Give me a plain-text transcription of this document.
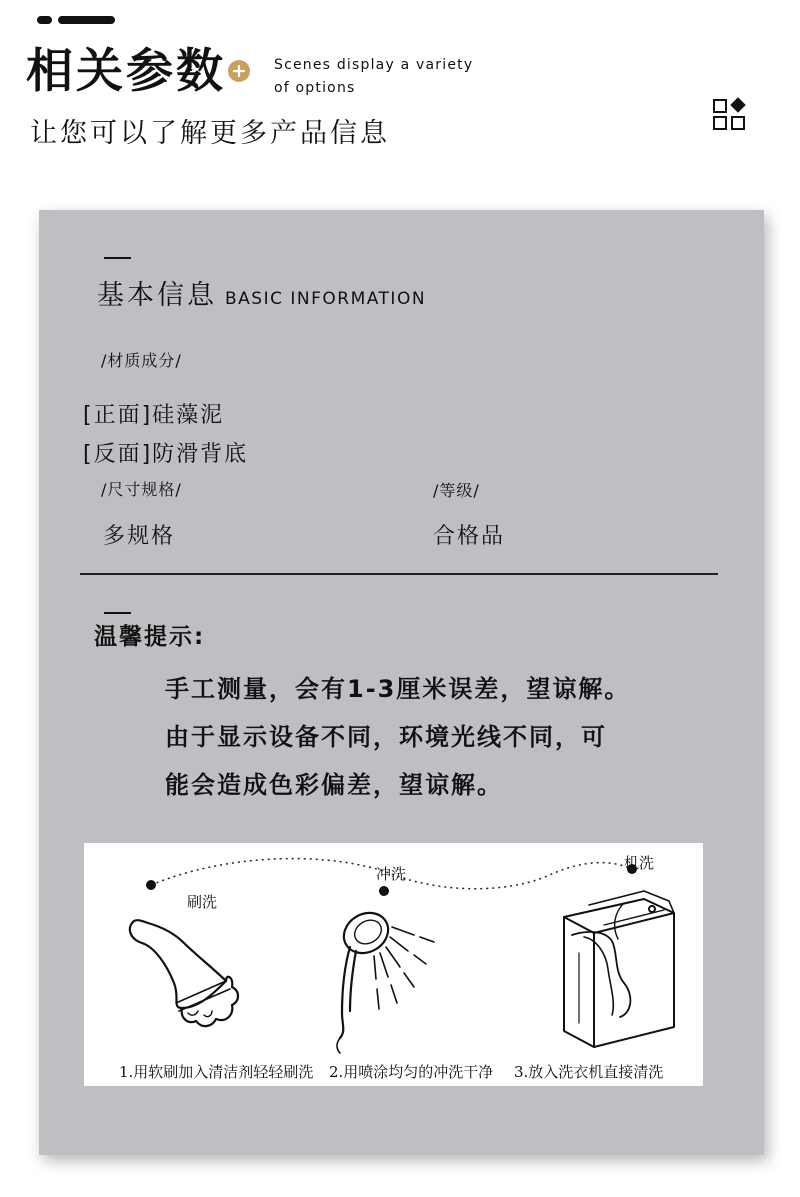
相关参数 + Scenes display a variety
of options
让您可以了解更多产品信息
基本信息 BASIC INFORMATION
/材质成分/
[正面]硅藻泥
[反面]防滑背底
/尺寸规格/	/等级/
多规格	合格品
温馨提示:
手工测量，会有1-3厘米误差，望谅解。
由于显示设备不同，环境光线不同，可
能会造成色彩偏差，望谅解。
刷洗
冲洗
机洗
1.用软刷加入清洁剂轻轻刷洗 2.用喷涂均匀的冲洗干净 3.放入洗衣机直接清洗
